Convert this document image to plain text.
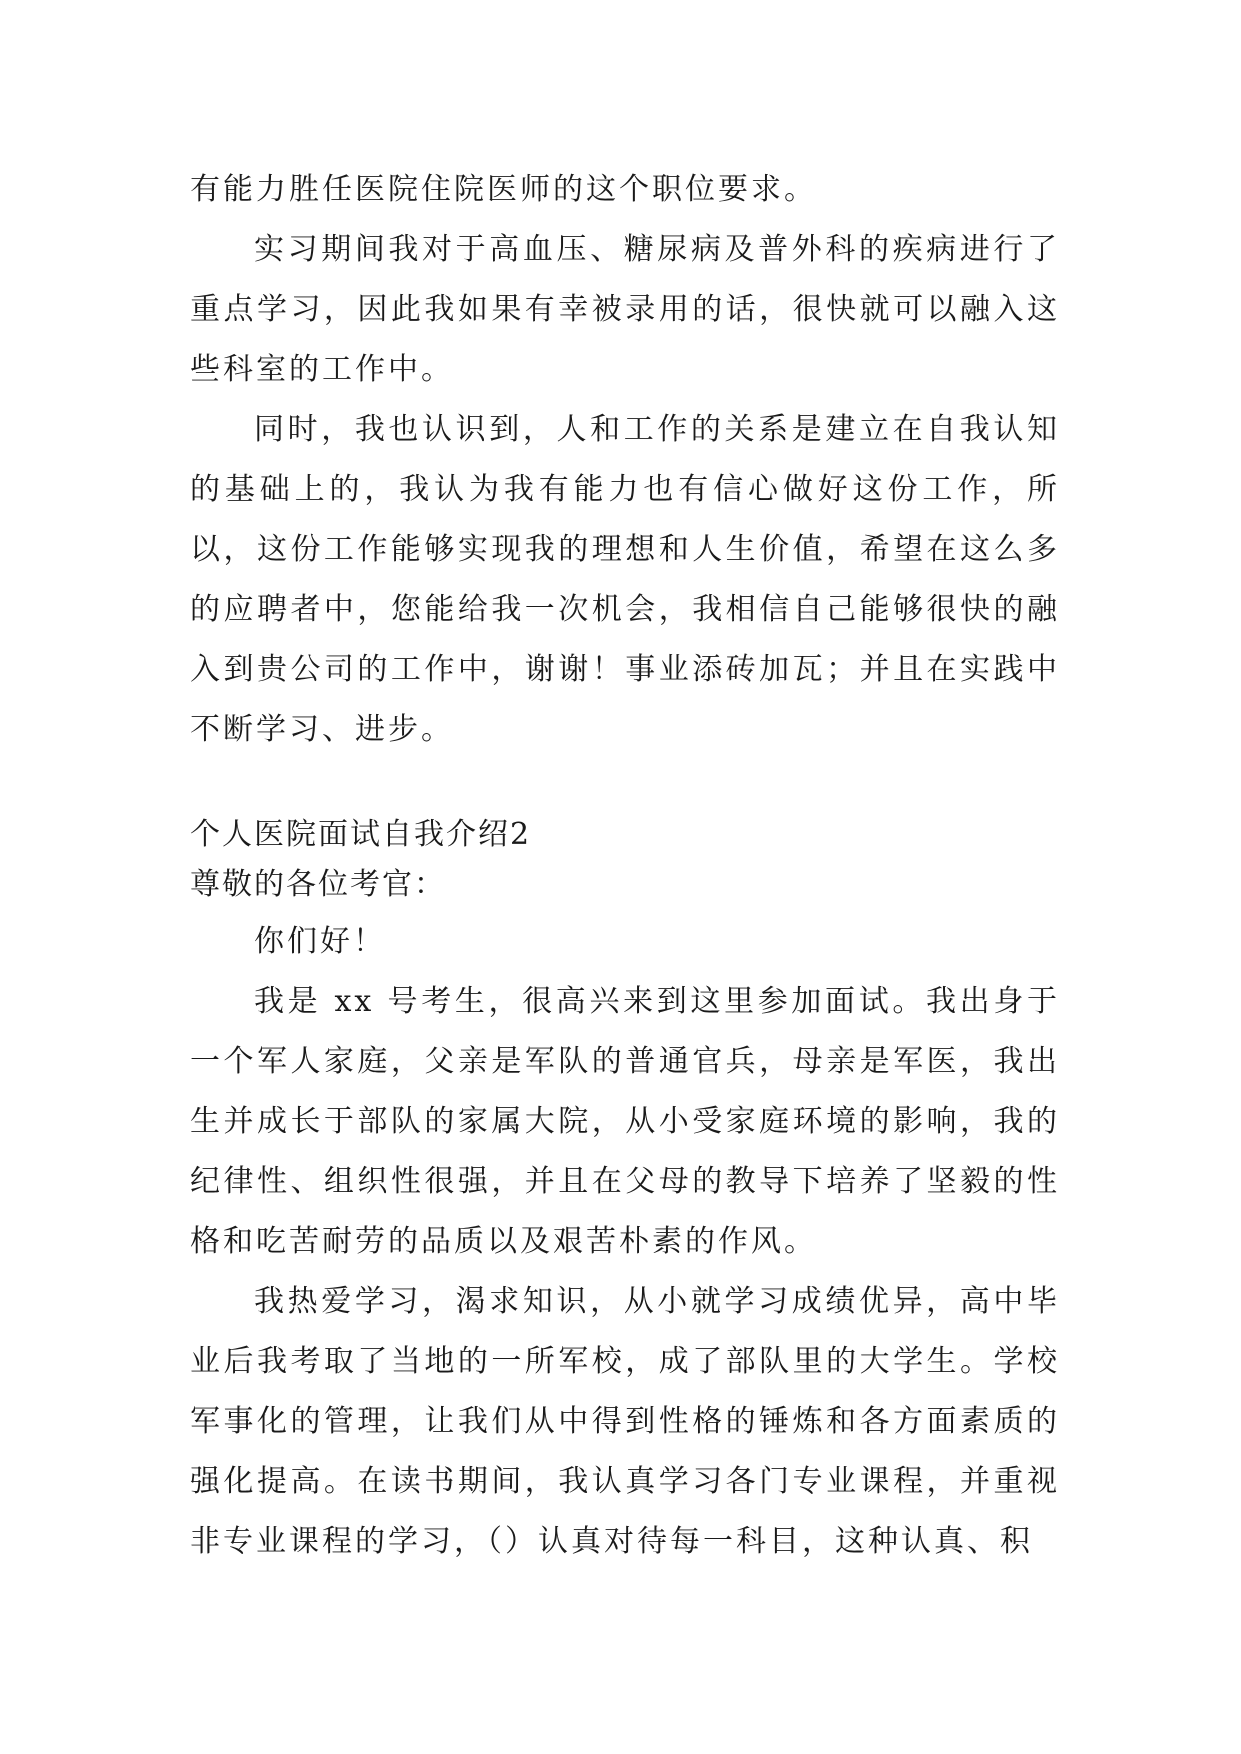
有能力胜任医院住院医师的这个职位要求。

实习期间我对于高血压、糖尿病及普外科的疾病进行了重点学习，因此我如果有幸被录用的话，很快就可以融入这些科室的工作中。

同时，我也认识到，人和工作的关系是建立在自我认知的基础上的，我认为我有能力也有信心做好这份工作，所以，这份工作能够实现我的理想和人生价值，希望在这么多的应聘者中，您能给我一次机会，我相信自己能够很快的融入到贵公司的工作中，谢谢！事业添砖加瓦；并且在实践中不断学习、进步。

个人医院面试自我介绍2

尊敬的各位考官：

你们好！

我是 xx 号考生，很高兴来到这里参加面试。我出身于一个军人家庭，父亲是军队的普通官兵，母亲是军医，我出生并成长于部队的家属大院，从小受家庭环境的影响，我的纪律性、组织性很强，并且在父母的教导下培养了坚毅的性格和吃苦耐劳的品质以及艰苦朴素的作风。

我热爱学习，渴求知识，从小就学习成绩优异，高中毕业后我考取了当地的一所军校，成了部队里的大学生。学校军事化的管理，让我们从中得到性格的锤炼和各方面素质的强化提高。在读书期间，我认真学习各门专业课程，并重视非专业课程的学习，（）认真对待每一科目，这种认真、积
